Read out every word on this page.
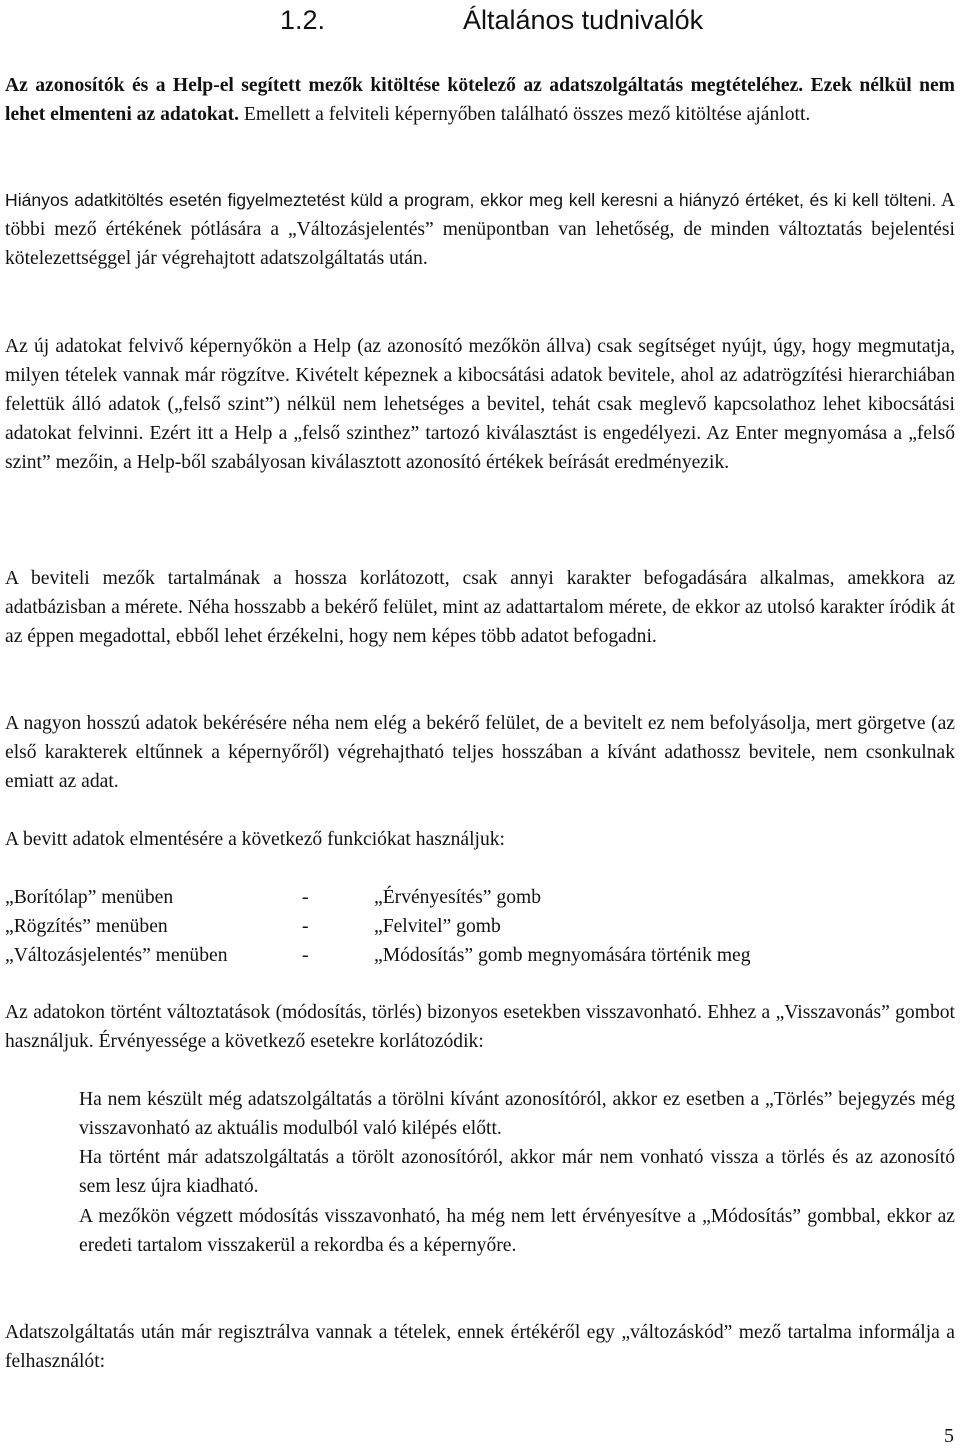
1.2.	Általános tudnivalók

Az azonosítók és a Help-el segített mezők kitöltése kötelező az adatszolgáltatás megtételéhez. Ezek nélkül nem lehet elmenteni az adatokat. Emellett a felviteli képernyőben található összes mező kitöltése ajánlott.

Hiányos adatkitöltés esetén figyelmeztetést küld a program, ekkor meg kell keresni a hiányzó értéket, és ki kell tölteni. A többi mező értékének pótlására a „Változásjelentés” menüpontban van lehetőség, de minden változtatás bejelentési kötelezettséggel jár végrehajtott adatszolgáltatás után.

Az új adatokat felvivő képernyőkön a Help (az azonosító mezőkön állva) csak segítséget nyújt, úgy, hogy megmutatja, milyen tételek vannak már rögzítve. Kivételt képeznek a kibocsátási adatok bevitele, ahol az adatrögzítési hierarchiában felettük álló adatok („felső szint”) nélkül nem lehetséges a bevitel, tehát csak meglevő kapcsolathoz lehet kibocsátási adatokat felvinni. Ezért itt a Help a „felső szinthez” tartozó kiválasztást is engedélyezi. Az Enter megnyomása a „felső szint” mezőin, a Help-ből szabályosan kiválasztott azonosító értékek beírását eredményezik.

A beviteli mezők tartalmának a hossza korlátozott, csak annyi karakter befogadására alkalmas, amekkora az adatbázisban a mérete. Néha hosszabb a bekérő felület, mint az adattartalom mérete, de ekkor az utolsó karakter íródik át az éppen megadottal, ebből lehet érzékelni, hogy nem képes több adatot befogadni.

A nagyon hosszú adatok bekérésére néha nem elég a bekérő felület, de a bevitelt ez nem befolyásolja, mert görgetve (az első karakterek eltűnnek a képernyőről) végrehajtható teljes hosszában a kívánt adathossz bevitele, nem csonkulnak emiatt az adat.

A bevitt adatok elmentésére a következő funkciókat használjuk:

„Borítólap” menüben	-	„Érvényesítés” gomb
„Rögzítés” menüben	-	„Felvitel” gomb
„Változásjelentés” menüben	-	„Módosítás” gomb megnyomására történik meg

Az adatokon történt változtatások (módosítás, törlés) bizonyos esetekben visszavonható. Ehhez a „Visszavonás” gombot használjuk. Érvényessége a következő esetekre korlátozódik:

Ha nem készült még adatszolgáltatás a törölni kívánt azonosítóról, akkor ez esetben a „Törlés” bejegyzés még visszavonható az aktuális modulból való kilépés előtt.

Ha történt már adatszolgáltatás a törölt azonosítóról, akkor már nem vonható vissza a törlés és az azonosító sem lesz újra kiadható.

A mezőkön végzett módosítás visszavonható, ha még nem lett érvényesítve a „Módosítás” gombbal, ekkor az eredeti tartalom visszakerül a rekordba és a képernyőre.

Adatszolgáltatás után már regisztrálva vannak a tételek, ennek értékéről egy „változáskód” mező tartalma informálja a felhasználót:

5
